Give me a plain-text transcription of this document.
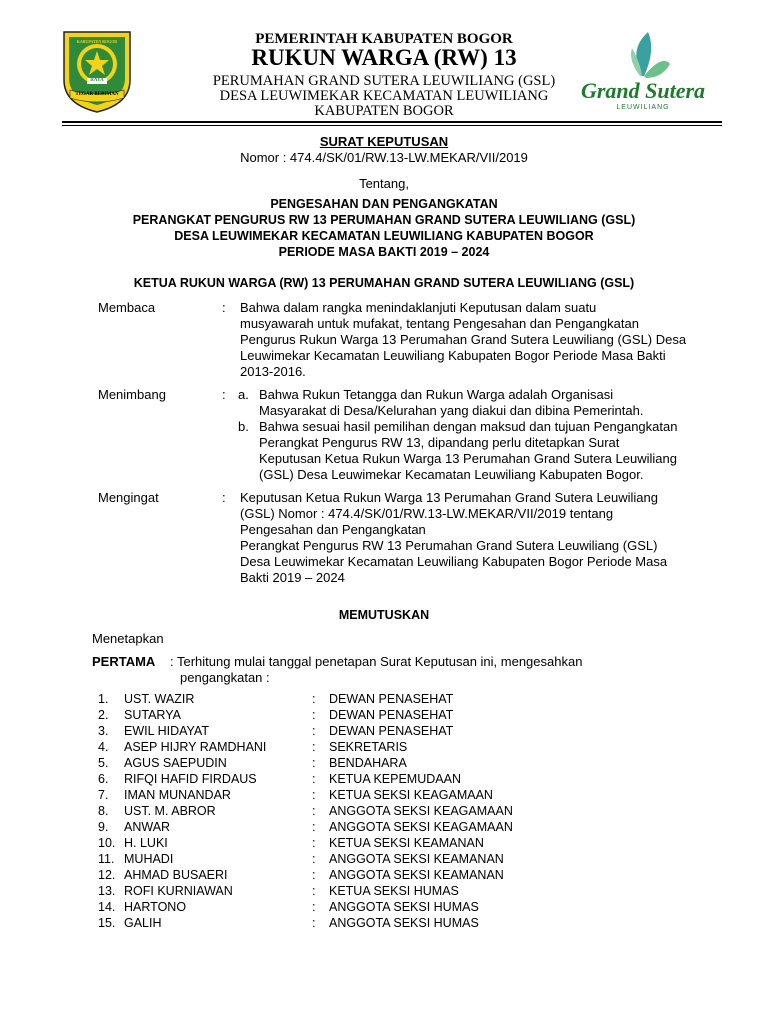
TEGAR BERIMAN
RAYA
KABUPATEN BOGOR
Grand Sutera
LEUWILIANG
PEMERINTAH KABUPATEN BOGOR
RUKUN WARGA (RW) 13
PERUMAHAN GRAND SUTERA LEUWILIANG (GSL)
DESA LEUWIMEKAR KECAMATAN LEUWILIANG
KABUPATEN BOGOR
SURAT KEPUTUSAN
Nomor : 474.4/SK/01/RW.13-LW.MEKAR/VII/2019
Tentang,
PENGESAHAN DAN PENGANGKATAN
PERANGKAT PENGURUS RW 13 PERUMAHAN GRAND SUTERA LEUWILIANG (GSL)
DESA LEUWIMEKAR KECAMATAN LEUWILIANG KABUPATEN BOGOR
PERIODE MASA BAKTI 2019 – 2024
KETUA RUKUN WARGA (RW) 13 PERUMAHAN GRAND SUTERA LEUWILIANG (GSL)
Membaca	: Bahwa dalam rangka menindaklanjuti Keputusan dalam suatu
musyawarah untuk mufakat, tentang Pengesahan dan Pengangkatan
Pengurus Rukun Warga 13 Perumahan Grand Sutera Leuwiliang (GSL) Desa
Leuwimekar Kecamatan Leuwiliang Kabupaten Bogor Periode Masa Bakti
2013-2016.
Menimbang	: a. Bahwa Rukun Tetangga dan Rukun Warga adalah Organisasi
Masyarakat di Desa/Kelurahan yang diakui dan dibina Pemerintah.
b. Bahwa sesuai hasil pemilihan dengan maksud dan tujuan Pengangkatan
Perangkat Pengurus RW 13, dipandang perlu ditetapkan Surat
Keputusan Ketua Rukun Warga 13 Perumahan Grand Sutera Leuwiliang
(GSL) Desa Leuwimekar Kecamatan Leuwiliang Kabupaten Bogor.
Mengingat	: Keputusan Ketua Rukun Warga 13 Perumahan Grand Sutera Leuwiliang
(GSL) Nomor : 474.4/SK/01/RW.13-LW.MEKAR/VII/2019 tentang
Pengesahan dan Pengangkatan
Perangkat Pengurus RW 13 Perumahan Grand Sutera Leuwiliang (GSL)
Desa Leuwimekar Kecamatan Leuwiliang Kabupaten Bogor Periode Masa
Bakti 2019 – 2024
MEMUTUSKAN
Menetapkan
PERTAMA : Terhitung mulai tanggal penetapan Surat Keputusan ini, mengesahkan
pengangkatan :
1. UST. WAZIR	: DEWAN PENASEHAT
2. SUTARYA	: DEWAN PENASEHAT
3. EWIL HIDAYAT	: DEWAN PENASEHAT
4. ASEP HIJRY RAMDHANI	: SEKRETARIS
5. AGUS SAEPUDIN	: BENDAHARA
6. RIFQI HAFID FIRDAUS	: KETUA KEPEMUDAAN
7. IMAN MUNANDAR	: KETUA SEKSI KEAGAMAAN
8. UST. M. ABROR	: ANGGOTA SEKSI KEAGAMAAN
9. ANWAR	: ANGGOTA SEKSI KEAGAMAAN
10. H. LUKI	: KETUA SEKSI KEAMANAN
11. MUHADI	: ANGGOTA SEKSI KEAMANAN
12. AHMAD BUSAERI	: ANGGOTA SEKSI KEAMANAN
13. ROFI KURNIAWAN	: KETUA SEKSI HUMAS
14. HARTONO	: ANGGOTA SEKSI HUMAS
15. GALIH	: ANGGOTA SEKSI HUMAS
